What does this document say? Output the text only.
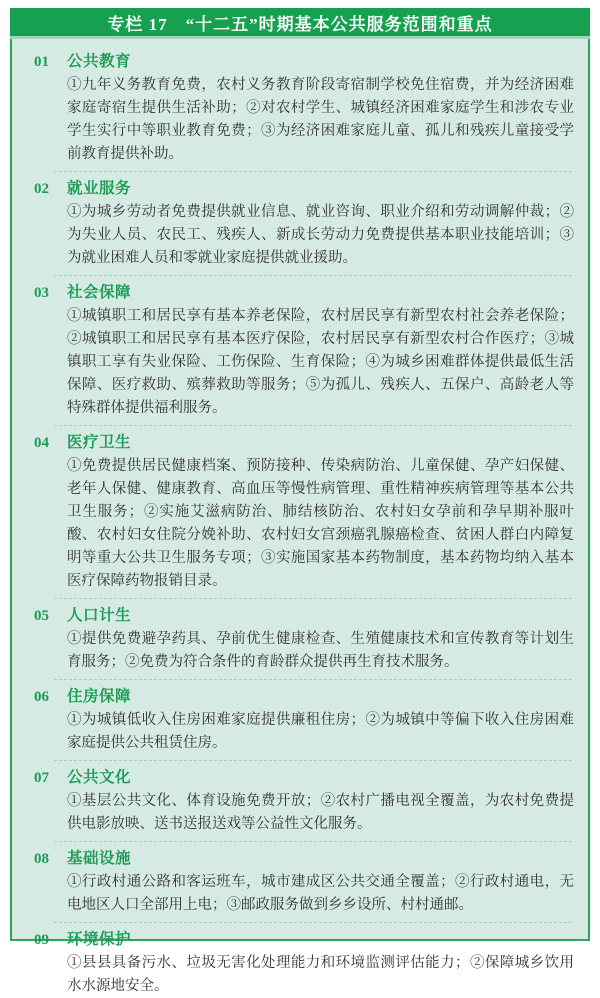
专栏 17　“十二五”时期基本公共服务范围和重点
01	公共教育

①九年义务教育免费，农村义务教育阶段寄宿制学校免住宿费，并为经济困难家庭寄宿生提供生活补助；②对农村学生、城镇经济困难家庭学生和涉农专业学生实行中等职业教育免费；③为经济困难家庭儿童、孤儿和残疾儿童接受学前教育提供补助。

02	就业服务

①为城乡劳动者免费提供就业信息、就业咨询、职业介绍和劳动调解仲裁；②为失业人员、农民工、残疾人、新成长劳动力免费提供基本职业技能培训；③为就业困难人员和零就业家庭提供就业援助。

03	社会保障

①城镇职工和居民享有基本养老保险，农村居民享有新型农村社会养老保险；②城镇职工和居民享有基本医疗保险，农村居民享有新型农村合作医疗；③城镇职工享有失业保险、工伤保险、生育保险；④为城乡困难群体提供最低生活保障、医疗救助、殡葬救助等服务；⑤为孤儿、残疾人、五保户、高龄老人等特殊群体提供福利服务。

04	医疗卫生

①免费提供居民健康档案、预防接种、传染病防治、儿童保健、孕产妇保健、老年人保健、健康教育、高血压等慢性病管理、重性精神疾病管理等基本公共卫生服务；②实施艾滋病防治、肺结核防治、农村妇女孕前和孕早期补服叶酸、农村妇女住院分娩补助、农村妇女宫颈癌乳腺癌检查、贫困人群白内障复明等重大公共卫生服务专项；③实施国家基本药物制度，基本药物均纳入基本医疗保障药物报销目录。

05	人口计生

①提供免费避孕药具、孕前优生健康检查、生殖健康技术和宣传教育等计划生育服务；②免费为符合条件的育龄群众提供再生育技术服务。

06	住房保障

①为城镇低收入住房困难家庭提供廉租住房；②为城镇中等偏下收入住房困难家庭提供公共租赁住房。

07	公共文化

①基层公共文化、体育设施免费开放；②农村广播电视全覆盖，为农村免费提供电影放映、送书送报送戏等公益性文化服务。

08	基础设施

①行政村通公路和客运班车，城市建成区公共交通全覆盖；②行政村通电，无电地区人口全部用上电；③邮政服务做到乡乡设所、村村通邮。

09	环境保护

①县县具备污水、垃圾无害化处理能力和环境监测评估能力；②保障城乡饮用水水源地安全。
